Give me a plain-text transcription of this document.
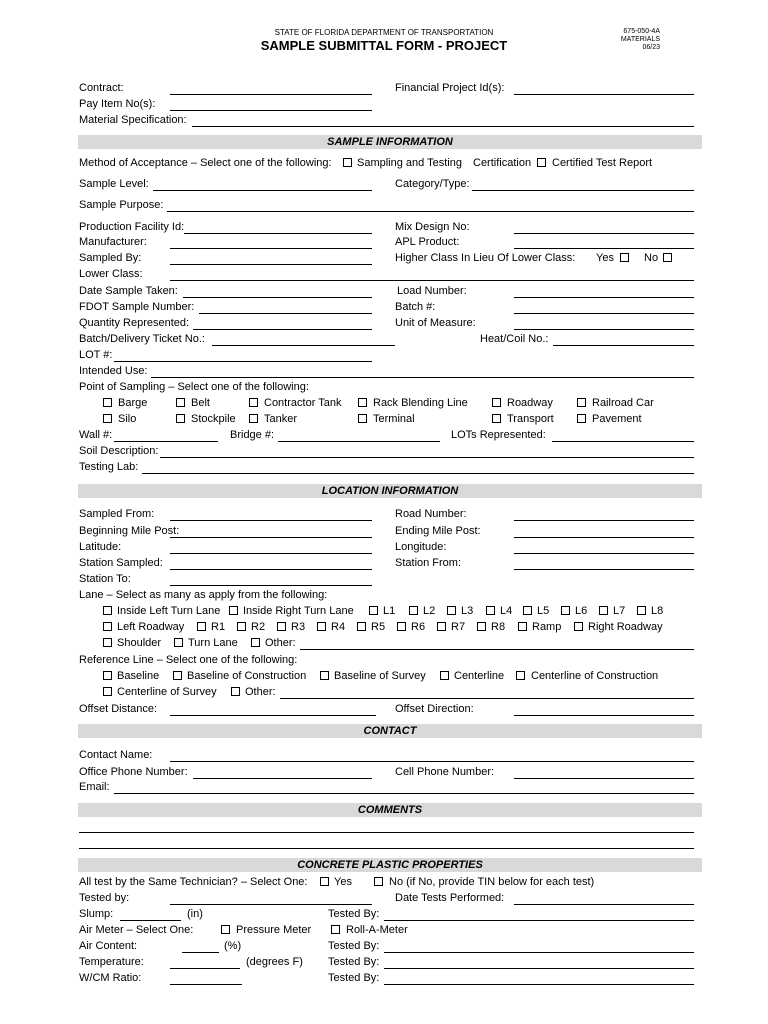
STATE OF FLORIDA DEPARTMENT OF TRANSPORTATION
SAMPLE SUBMITTAL FORM - PROJECT
675-050-4A
MATERIALS
06/23
Contract:	Financial Project Id(s):
Pay Item No(s):
Material Specification:
SAMPLE INFORMATION
Method of Acceptance – Select one of the following: Sampling and Testing Certification Certified Test Report
Sample Level:	Category/Type:
Sample Purpose:
Production Facility Id:	Mix Design No:
Manufacturer:	APL Product:
Sampled By:	Higher Class In Lieu Of Lower Class: Yes	No
Lower Class:
Date Sample Taken:	Load Number:
FDOT Sample Number:	Batch #:
Quantity Represented:	Unit of Measure:
Batch/Delivery Ticket No.:	Heat/Coil No.:
LOT #:
Intended Use:
Point of Sampling – Select one of the following:
Barge	Belt	Contractor Tank	Rack Blending Line	Roadway	Railroad Car
Silo	Stockpile	Tanker	Terminal	Transport	Pavement
Wall #:	Bridge #:	LOTs Represented:
Soil Description:
Testing Lab:
LOCATION INFORMATION
Sampled From:	Road Number:
Beginning Mile Post:	Ending Mile Post:
Latitude:	Longitude:
Station Sampled:	Station From:
Station To:
Lane – Select as many as apply from the following:
Inside Left Turn Lane Inside Right Turn Lane	L1	L2 L3 L4 L5 L6 L7 L8
Left Roadway R1 R2 R3 R4 R5 R6 R7 R8 Ramp Right Roadway
Shoulder Turn Lane Other:
Reference Line – Select one of the following:
Baseline	Baseline of Construction	Baseline of Survey	Centerline Centerline of Construction
Centerline of Survey	Other:
Offset Distance:	Offset Direction:
CONTACT
Contact Name:
Office Phone Number:	Cell Phone Number:
Email:
COMMENTS
CONCRETE PLASTIC PROPERTIES
All test by the Same Technician? – Select One: Yes	No (if No, provide TIN below for each test)
Tested by:	Date Tests Performed:
Slump:	(in)	Tested By:
Air Meter – Select One:	Pressure Meter	Roll-A-Meter
Air Content:	(%)	Tested By:
Temperature:	(degrees F) Tested By:
W/CM Ratio:	Tested By:
